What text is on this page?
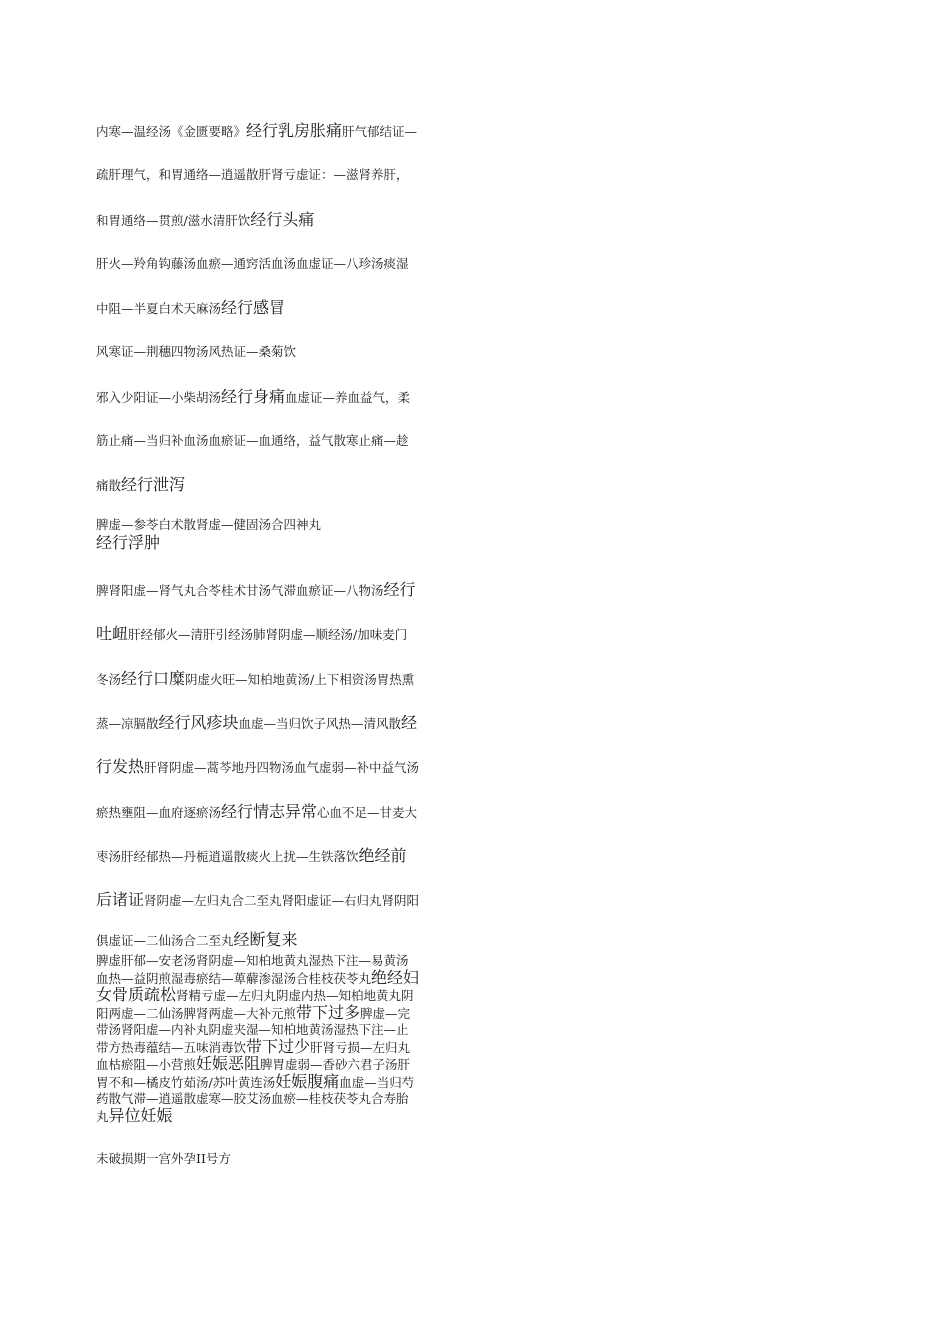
内寒—温经汤《金匮要略》经行乳房胀痛肝气郁结证—
疏肝理气，和胃通络—逍遥散肝肾亏虚证：—滋肾养肝，
和胃通络—贯煎/滋水清肝饮经行头痛
肝火—羚角钩藤汤血瘀—通窍活血汤血虚证—八珍汤痰湿
中阻—半夏白术天麻汤经行感冒
风寒证—荆穗四物汤风热证—桑菊饮
邪入少阳证—小柴胡汤经行身痛血虚证—养血益气，柔
筋止痛—当归补血汤血瘀证—血通络，益气散寒止痛—趁
痛散经行泄泻
脾虚—参苓白术散肾虚—健固汤合四神丸
经行浮肿
脾肾阳虚—肾气丸合苓桂术甘汤气滞血瘀证—八物汤经行
吐衄肝经郁火—清肝引经汤肺肾阴虚—顺经汤/加味麦门
冬汤经行口糜阴虚火旺—知柏地黄汤/上下相资汤胃热熏
蒸—凉膈散经行风疹块血虚—当归饮子风热—清风散经
行发热肝肾阴虚—蒿芩地丹四物汤血气虚弱—补中益气汤
瘀热壅阻—血府逐瘀汤经行情志异常心血不足—甘麦大
枣汤肝经郁热—丹栀逍遥散痰火上扰—生铁落饮绝经前
后诸证肾阴虚—左归丸合二至丸肾阳虚证—右归丸肾阴阳
俱虚证—二仙汤合二至丸经断复来
脾虚肝郁—安老汤肾阴虚—知柏地黄丸湿热下注—易黄汤
血热—益阴煎湿毒瘀结—萆薢渗湿汤合桂枝茯苓丸绝经妇
女骨质疏松肾精亏虚—左归丸阴虚内热—知柏地黄丸阴
阳两虚—二仙汤脾肾两虚—大补元煎带下过多脾虚—完
带汤肾阳虚—内补丸阴虚夹湿—知柏地黄汤湿热下注—止
带方热毒蕴结—五味消毒饮带下过少肝肾亏损—左归丸
血枯瘀阻—小营煎妊娠恶阻脾胃虚弱—香砂六君子汤肝
胃不和—橘皮竹茹汤/苏叶黄连汤妊娠腹痛血虚—当归芍
药散气滞—逍遥散虚寒—胶艾汤血瘀—桂枝茯苓丸合寿胎
丸异位妊娠
未破损期一宫外孕II号方
